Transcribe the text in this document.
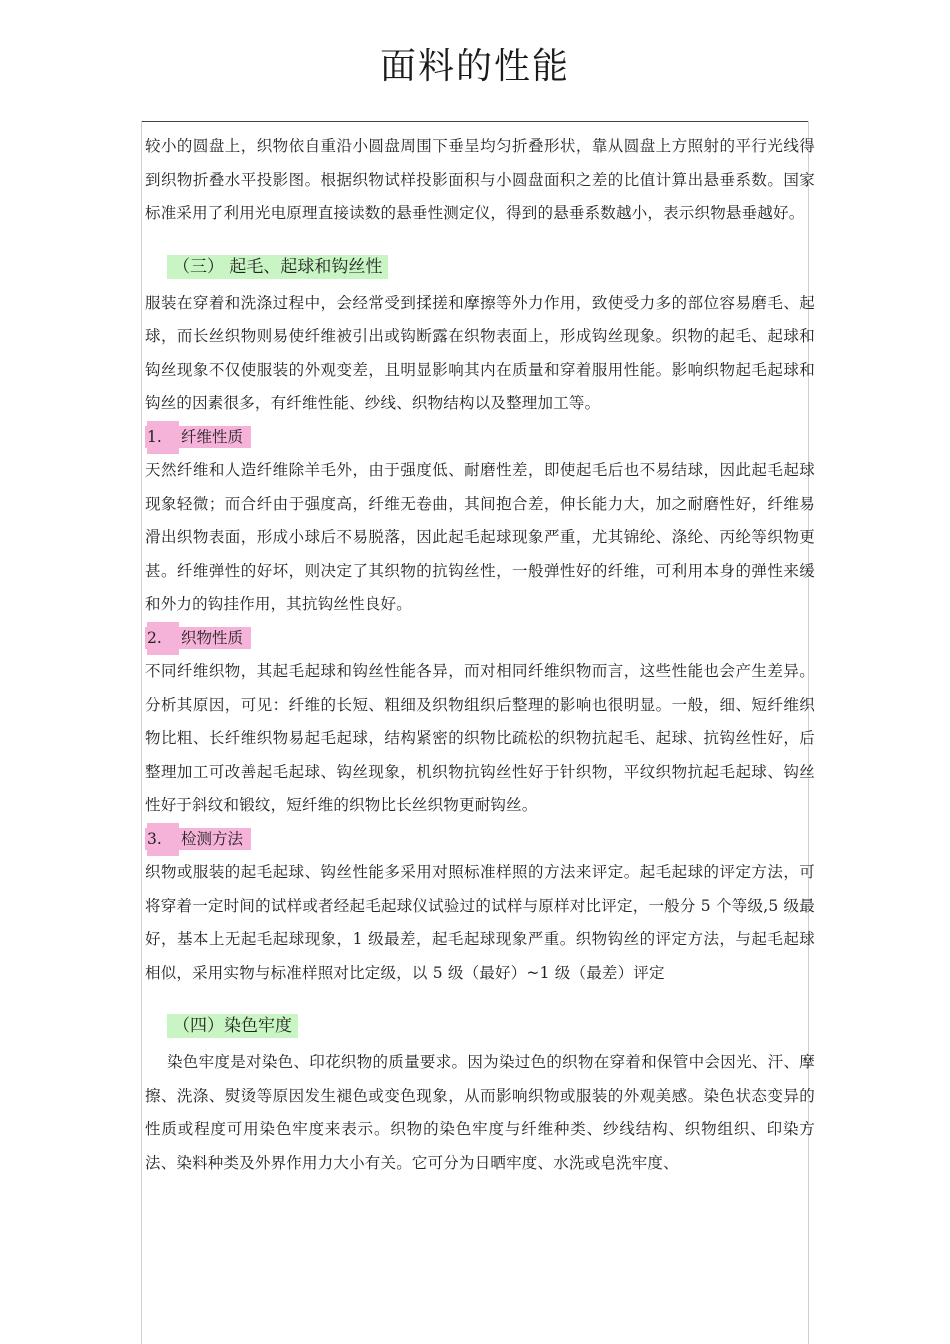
面料的性能

较小的圆盘上，织物依自重沿小圆盘周围下垂呈均匀折叠形状，靠从圆盘上方照射的平行光线得到织物折叠水平投影图。根据织物试样投影面积与小圆盘面积之差的比值计算出悬垂系数。国家标准采用了利用光电原理直接读数的悬垂性测定仪，得到的悬垂系数越小，表示织物悬垂越好。

（三） 起毛、起球和钩丝性

服装在穿着和洗涤过程中，会经常受到揉搓和摩擦等外力作用，致使受力多的部位容易磨毛、起球，而长丝织物则易使纤维被引出或钩断露在织物表面上，形成钩丝现象。织物的起毛、起球和钩丝现象不仅使服装的外观变差，且明显影响其内在质量和穿着服用性能。影响织物起毛起球和钩丝的因素很多，有纤维性能、纱线、织物结构以及整理加工等。

1. 纤维性质

天然纤维和人造纤维除羊毛外，由于强度低、耐磨性差，即使起毛后也不易结球，因此起毛起球现象轻微；而合纤由于强度高，纤维无卷曲，其间抱合差，伸长能力大，加之耐磨性好，纤维易滑出织物表面，形成小球后不易脱落，因此起毛起球现象严重，尤其锦纶、涤纶、丙纶等织物更甚。纤维弹性的好坏，则决定了其织物的抗钩丝性，一般弹性好的纤维，可利用本身的弹性来缓和外力的钩挂作用，其抗钩丝性良好。

2. 织物性质

不同纤维织物，其起毛起球和钩丝性能各异，而对相同纤维织物而言，这些性能也会产生差异。分析其原因，可见：纤维的长短、粗细及织物组织后整理的影响也很明显。一般，细、短纤维织物比粗、长纤维织物易起毛起球，结构紧密的织物比疏松的织物抗起毛、起球、抗钩丝性好，后整理加工可改善起毛起球、钩丝现象，机织物抗钩丝性好于针织物，平纹织物抗起毛起球、钩丝性好于斜纹和锻纹，短纤维的织物比长丝织物更耐钩丝。

3. 检测方法

织物或服装的起毛起球、钩丝性能多采用对照标准样照的方法来评定。起毛起球的评定方法，可将穿着一定时间的试样或者经起毛起球仪试验过的试样与原样对比评定，一般分 5 个等级,5 级最好，基本上无起毛起球现象，1 级最差，起毛起球现象严重。织物钩丝的评定方法，与起毛起球相似，采用实物与标准样照对比定级，以 5 级（最好）~1 级（最差）评定

（四）染色牢度

染色牢度是对染色、印花织物的质量要求。因为染过色的织物在穿着和保管中会因光、汗、摩擦、洗涤、熨烫等原因发生褪色或变色现象，从而影响织物或服装的外观美感。染色状态变异的性质或程度可用染色牢度来表示。织物的染色牢度与纤维种类、纱线结构、织物组织、印染方法、染料种类及外界作用力大小有关。它可分为日晒牢度、水洗或皂洗牢度、
